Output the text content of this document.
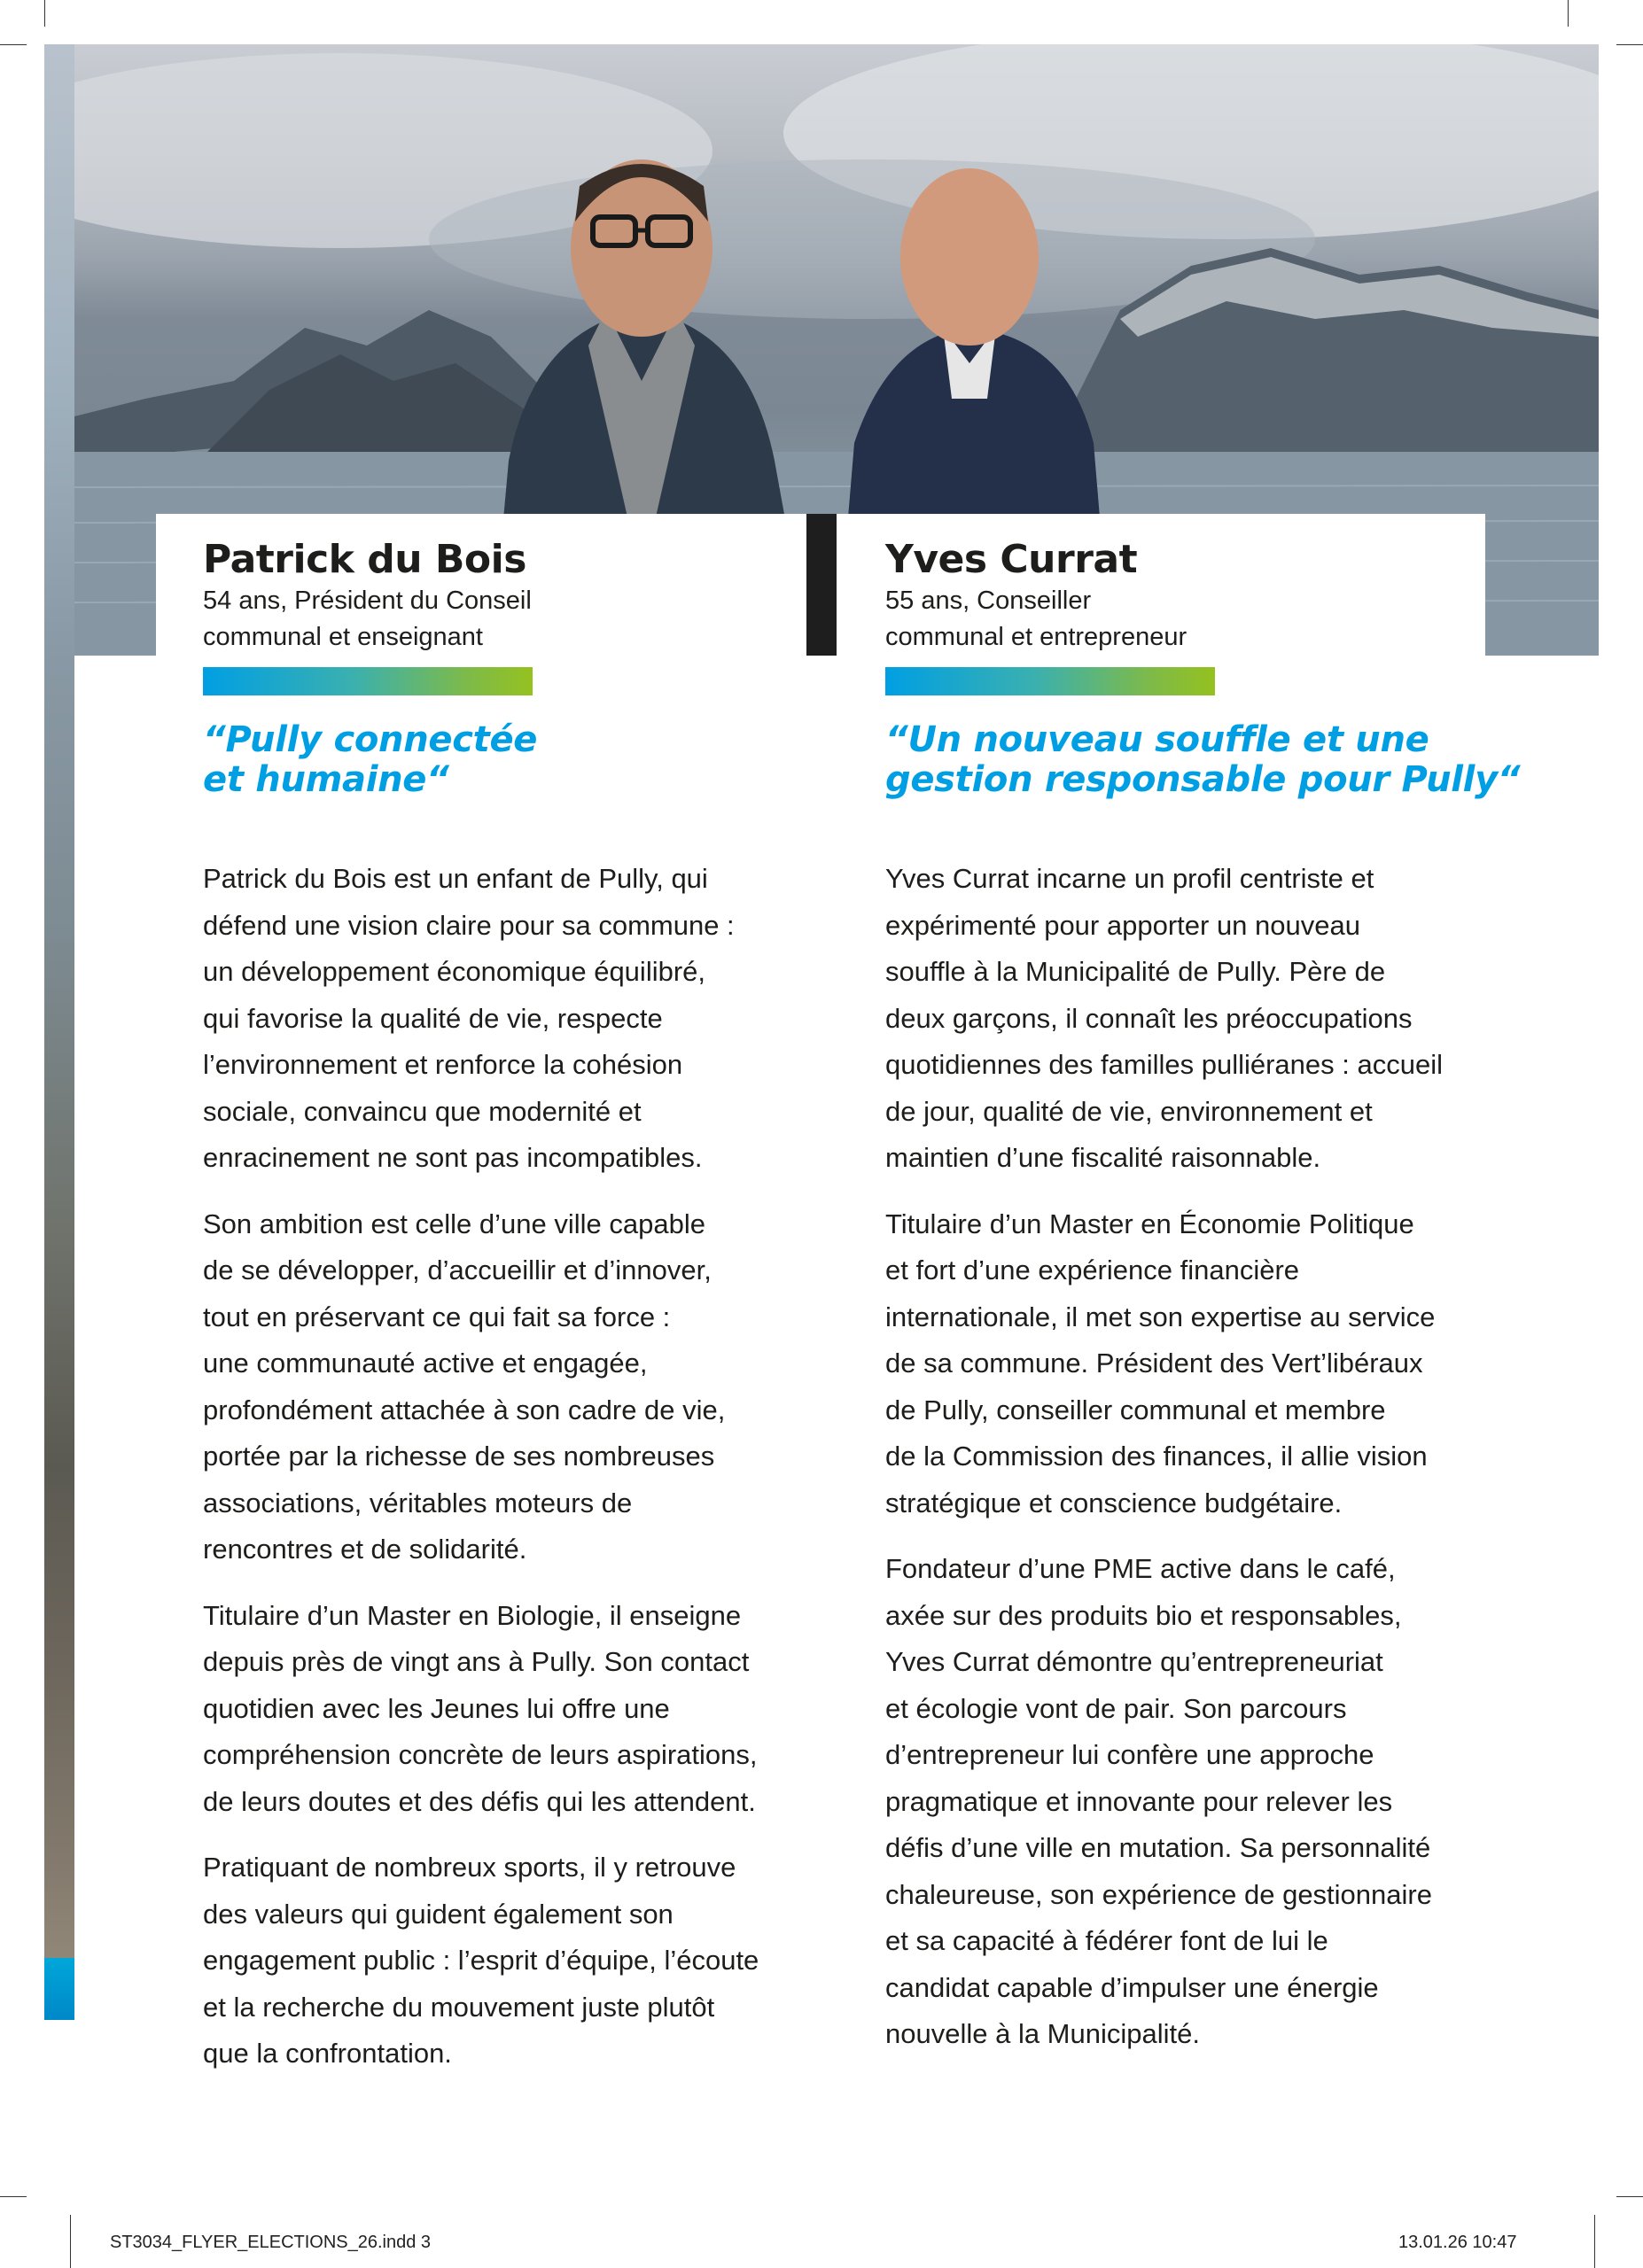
Patrick du Bois
54 ans, Président du Conseil
communal et enseignant
“Pully connectée
et humaine“

Patrick du Bois est un enfant de Pully, qui
défend une vision claire pour sa commune :
un développement économique équilibré,
qui favorise la qualité de vie, respecte
l’environnement et renforce la cohésion
sociale, convaincu que modernité et
enracinement ne sont pas incompatibles.

Son ambition est celle d’une ville capable
de se développer, d’accueillir et d’innover,
tout en préservant ce qui fait sa force :
une communauté active et engagée,
profondément attachée à son cadre de vie,
portée par la richesse de ses nombreuses
associations, véritables moteurs de
rencontres et de solidarité.

Titulaire d’un Master en Biologie, il enseigne
depuis près de vingt ans à Pully. Son contact
quotidien avec les Jeunes lui offre une
compréhension concrète de leurs aspirations,
de leurs doutes et des défis qui les attendent.

Pratiquant de nombreux sports, il y retrouve
des valeurs qui guident également son
engagement public : l’esprit d’équipe, l’écoute
et la recherche du mouvement juste plutôt
que la confrontation.

Yves Currat
55 ans, Conseiller
communal et entrepreneur
“Un nouveau souffle et une
gestion responsable pour Pully“

Yves Currat incarne un profil centriste et
expérimenté pour apporter un nouveau
souffle à la Municipalité de Pully. Père de
deux garçons, il connaît les préoccupations
quotidiennes des familles pulliéranes : accueil
de jour, qualité de vie, environnement et
maintien d’une fiscalité raisonnable.

Titulaire d’un Master en Économie Politique
et fort d’une expérience financière
internationale, il met son expertise au service
de sa commune. Président des Vert’libéraux
de Pully, conseiller communal et membre
de la Commission des finances, il allie vision
stratégique et conscience budgétaire.

Fondateur d’une PME active dans le café,
axée sur des produits bio et responsables,
Yves Currat démontre qu’entrepreneuriat
et écologie vont de pair. Son parcours
d’entrepreneur lui confère une approche
pragmatique et innovante pour relever les
défis d’une ville en mutation. Sa personnalité
chaleureuse, son expérience de gestionnaire
et sa capacité à fédérer font de lui le
candidat capable d’impulser une énergie
nouvelle à la Municipalité.

ST3034_FLYER_ELECTIONS_26.indd 3	13.01.26 10:47
